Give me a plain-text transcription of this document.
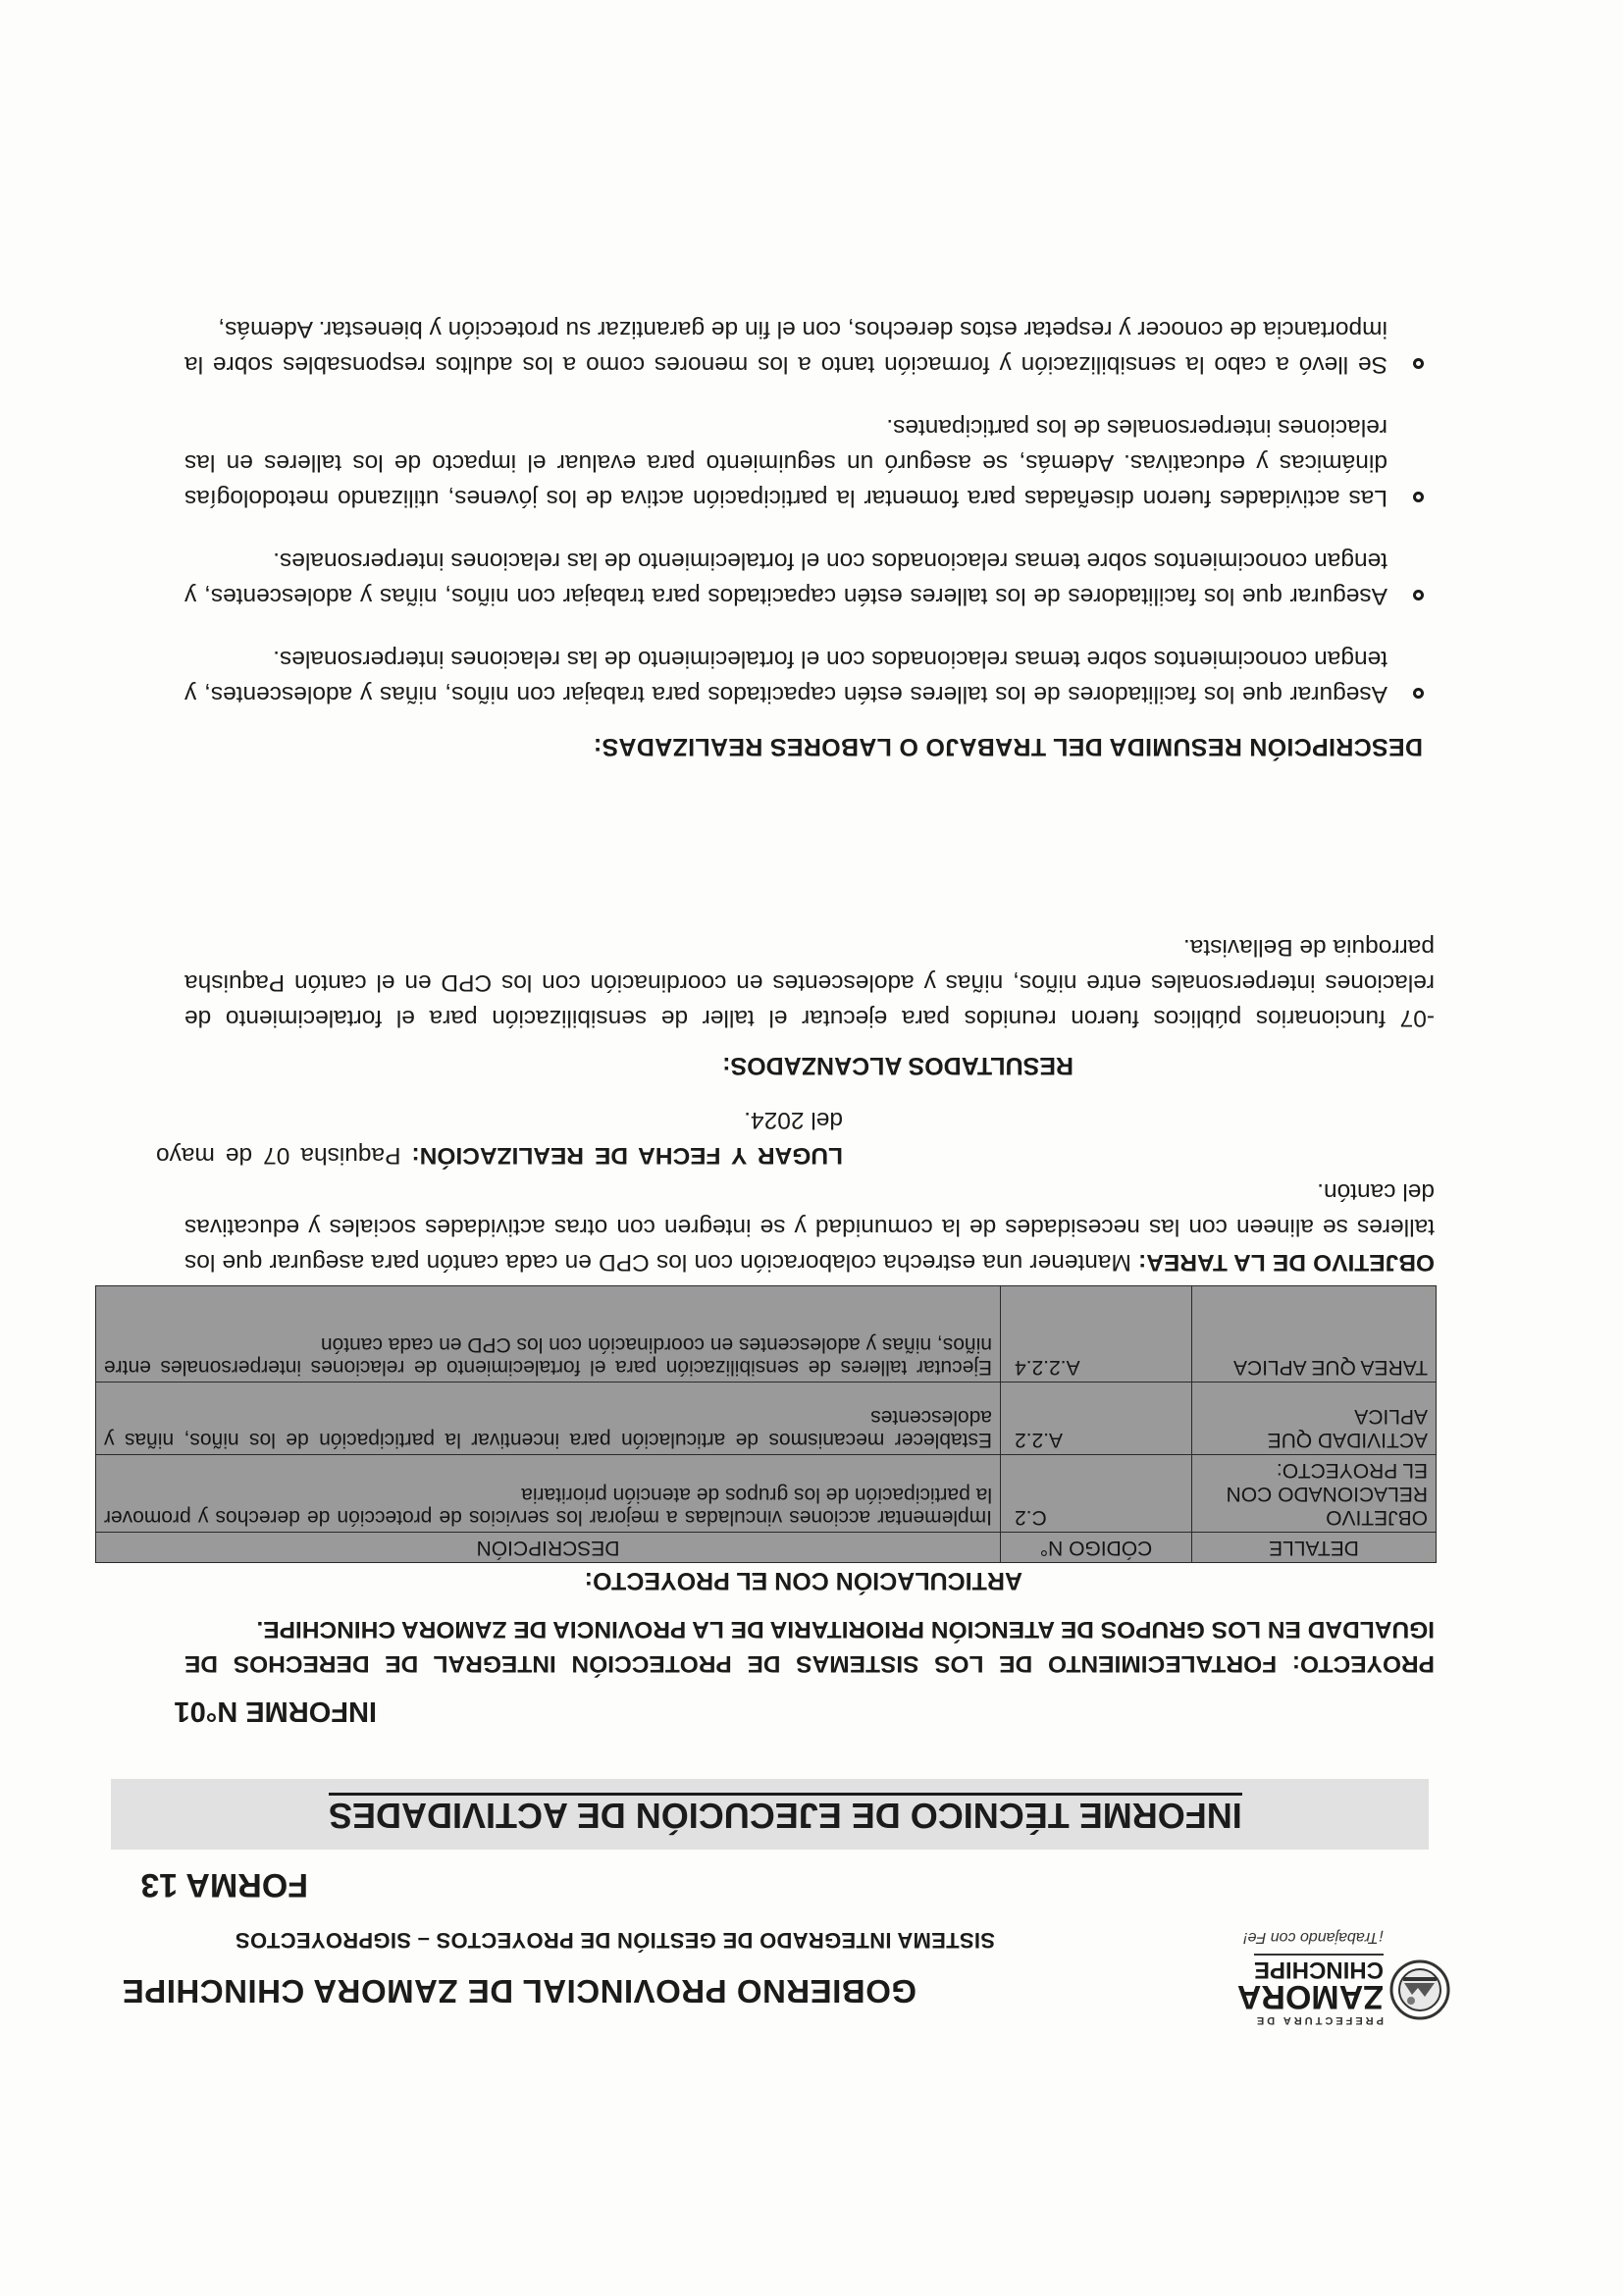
PREFECTURA DE
ZAMORA
CHINCHIPE
¡Trabajando con Fe!
GOBIERNO PROVINCIAL DE ZAMORA CHINCHIPE
SISTEMA INTEGRADO DE GESTIÓN DE PROYECTOS – SIGPROYECTOS
FORMA 13
INFORME TÉCNICO DE EJECUCIÓN DE ACTIVIDADES
INFORME N°01
PROYECTO: FORTALECIMIENTO DE LOS SISTEMAS DE PROTECCIÓN INTEGRAL DE DERECHOS DE IGUALDAD EN LOS GRUPOS DE ATENCIÓN PRIORITARIA DE LA PROVINCIA DE ZAMORA CHINCHIPE.
ARTICULACIÓN CON EL PROYECTO:
DETALLE	CÓDIGO N°	DESCRIPCIÓN
OBJETIVO RELACIONADO CON EL PROYECTO:	C.2	Implementar acciones vinculadas a mejorar los servicios de protección de derechos y promover la participación de los grupos de atención prioritaria
ACTIVIDAD QUE APLICA	A.2.2	Establecer mecanismos de articulación para incentivar la participación de los niños, niñas y adolescentes
TAREA QUE APLICA	A.2.2.4	Ejecutar talleres de sensibilización para el fortalecimiento de relaciones interpersonales entre niños, niñas y adolescentes en coordinación con los CPD en cada cantón
OBJETIVO DE LA TAREA: Mantener una estrecha colaboración con los CPD en cada cantón para asegurar que los talleres se alineen con las necesidades de la comunidad y se integren con otras actividades sociales y educativas del cantón.
LUGAR Y FECHA DE REALIZACIÓN: Paquisha 07 de mayo del 2024.
RESULTADOS ALCANZADOS:
-07 funcionarios públicos fueron reunidos para ejecutar el taller de sensibilización para el fortalecimiento de relaciones interpersonales entre niños, niñas y adolescentes en coordinación con los CPD en el cantón Paquisha parroquia de Bellavista.
DESCRIPCIÓN RESUMIDA DEL TRABAJO O LABORES REALIZADAS:
Asegurar que los facilitadores de los talleres estén capacitados para trabajar con niños, niñas y adolescentes, y tengan conocimientos sobre temas relacionados con el fortalecimiento de las relaciones interpersonales.
Asegurar que los facilitadores de los talleres estén capacitados para trabajar con niños, niñas y adolescentes, y tengan conocimientos sobre temas relacionados con el fortalecimiento de las relaciones interpersonales.
Las actividades fueron diseñadas para fomentar la participación activa de los jóvenes, utilizando metodologías dinámicas y educativas. Además, se aseguró un seguimiento para evaluar el impacto de los talleres en las relaciones interpersonales de los participantes.
Se llevó a cabo la sensibilización y formación tanto a los menores como a los adultos responsables sobre la importancia de conocer y respetar estos derechos, con el fin de garantizar su protección y bienestar. Además,
